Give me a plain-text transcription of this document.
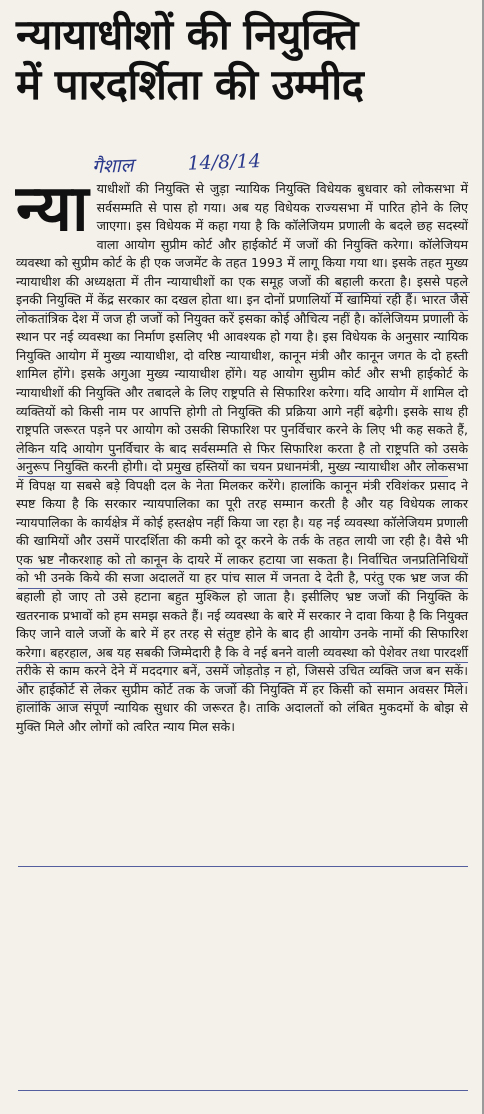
न्यायाधीशों की नियुक्ति
में पारदर्शिता की उम्मीद
गैशाल	14/8/14
न्या याधीशों की नियुक्ति से जुड़ा न्यायिक नियुक्ति विधेयक बुधवार को लोकसभा में सर्वसम्मति से पास हो गया। अब यह विधेयक राज्यसभा में पारित होने के लिए जाएगा। इस विधेयक में कहा गया है कि कॉलेजियम प्रणाली के बदले छह सदस्यों वाला आयोग सुप्रीम कोर्ट और हाईकोर्ट में जजों की नियुक्ति करेगा। कॉलेजियम व्यवस्था को सुप्रीम कोर्ट के ही एक जजमेंट के तहत 1993 में लागू किया गया था। इसके तहत मुख्य न्यायाधीश की अध्यक्षता में तीन न्यायाधीशों का एक समूह जजों की बहाली करता है। इससे पहले इनकी नियुक्ति में केंद्र सरकार का दखल होता था। इन दोनों प्रणालियों में खामियां रही हैं। भारत जैसे लोकतांत्रिक देश में जज ही जजों को नियुक्त करें इसका कोई औचित्य नहीं है। कॉलेजियम प्रणाली के स्थान पर नई व्यवस्था का निर्माण इसलिए भी आवश्यक हो गया है। इस विधेयक के अनुसार न्यायिक नियुक्ति आयोग में मुख्य न्यायाधीश, दो वरिष्ठ न्यायाधीश, कानून मंत्री और कानून जगत के दो हस्ती शामिल होंगे। इसके अगुआ मुख्य न्यायाधीश होंगे। यह आयोग सुप्रीम कोर्ट और सभी हाईकोर्ट के न्यायाधीशों की नियुक्ति और तबादले के लिए राष्ट्रपति से सिफारिश करेगा। यदि आयोग में शामिल दो व्यक्तियों को किसी नाम पर आपत्ति होगी तो नियुक्ति की प्रक्रिया आगे नहीं बढ़ेगी। इसके साथ ही राष्ट्रपति जरूरत पड़ने पर आयोग को उसकी सिफारिश पर पुनर्विचार करने के लिए भी कह सकते हैं, लेकिन यदि आयोग पुनर्विचार के बाद सर्वसम्मति से फिर सिफारिश करता है तो राष्ट्रपति को उसके अनुरूप नियुक्ति करनी होगी। दो प्रमुख हस्तियों का चयन प्रधानमंत्री, मुख्य न्यायाधीश और लोकसभा में विपक्ष या सबसे बड़े विपक्षी दल के नेता मिलकर करेंगे। हालांकि कानून मंत्री रविशंकर प्रसाद ने स्पष्ट किया है कि सरकार न्यायपालिका का पूरी तरह सम्मान करती है और यह विधेयक लाकर न्यायपालिका के कार्यक्षेत्र में कोई हस्तक्षेप नहीं किया जा रहा है। यह नई व्यवस्था कॉलेजियम प्रणाली की खामियों और उसमें पारदर्शिता की कमी को दूर करने के तर्क के तहत लायी जा रही है। वैसे भी एक भ्रष्ट नौकरशाह को तो कानून के दायरे में लाकर हटाया जा सकता है। निर्वाचित जनप्रतिनिधियों को भी उनके किये की सजा अदालतें या हर पांच साल में जनता दे देती है, परंतु एक भ्रष्ट जज की बहाली हो जाए तो उसे हटाना बहुत मुश्किल हो जाता है। इसीलिए भ्रष्ट जजों की नियुक्ति के खतरनाक प्रभावों को हम समझ सकते हैं। नई व्यवस्था के बारे में सरकार ने दावा किया है कि नियुक्त किए जाने वाले जजों के बारे में हर तरह से संतुष्ट होने के बाद ही आयोग उनके नामों की सिफारिश करेगा। बहरहाल, अब यह सबकी जिम्मेदारी है कि वे नई बनने वाली व्यवस्था को पेशेवर तथा पारदर्शी तरीके से काम करने देने में मददगार बनें, उसमें जोड़तोड़ न हो, जिससे उचित व्यक्ति जज बन सकें। और हाईकोर्ट से लेकर सुप्रीम कोर्ट तक के जजों की नियुक्ति में हर किसी को समान अवसर मिले। हालांकि आज संपूर्ण न्यायिक सुधार की जरूरत है। ताकि अदालतों को लंबित मुकदमों के बोझ से मुक्ति मिले और लोगों को त्वरित न्याय मिल सके।
